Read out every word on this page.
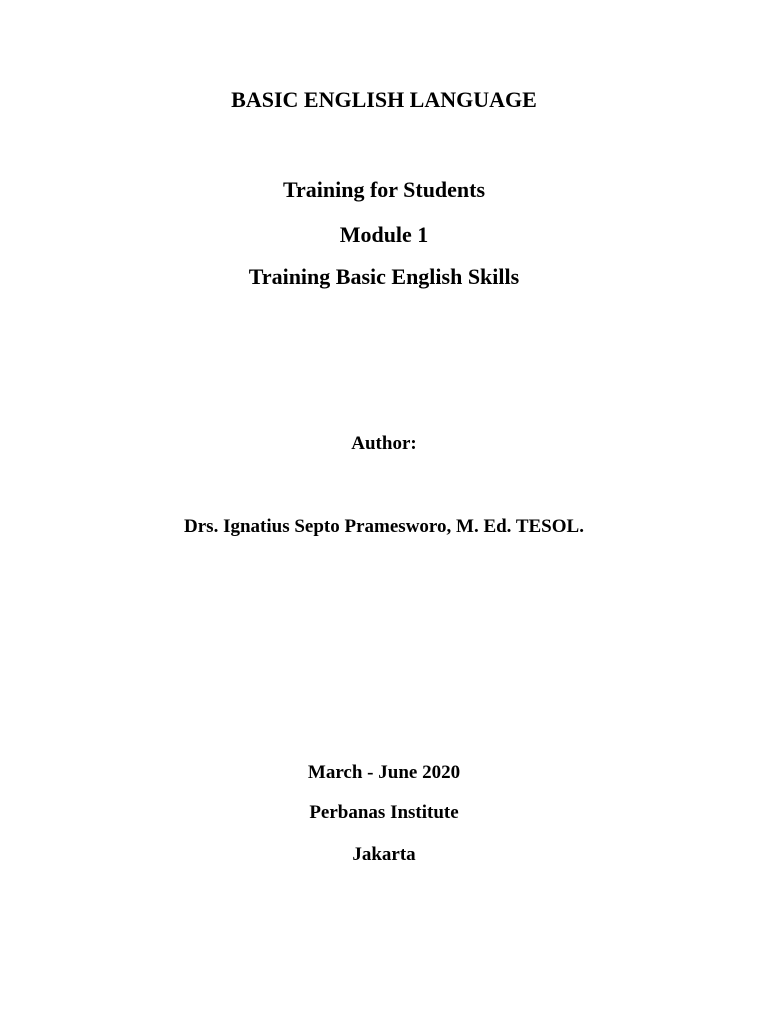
BASIC ENGLISH LANGUAGE
Training for Students
Module 1
Training Basic English Skills
Author:
Drs. Ignatius Septo Pramesworo, M. Ed. TESOL.
March - June 2020
Perbanas Institute
Jakarta
